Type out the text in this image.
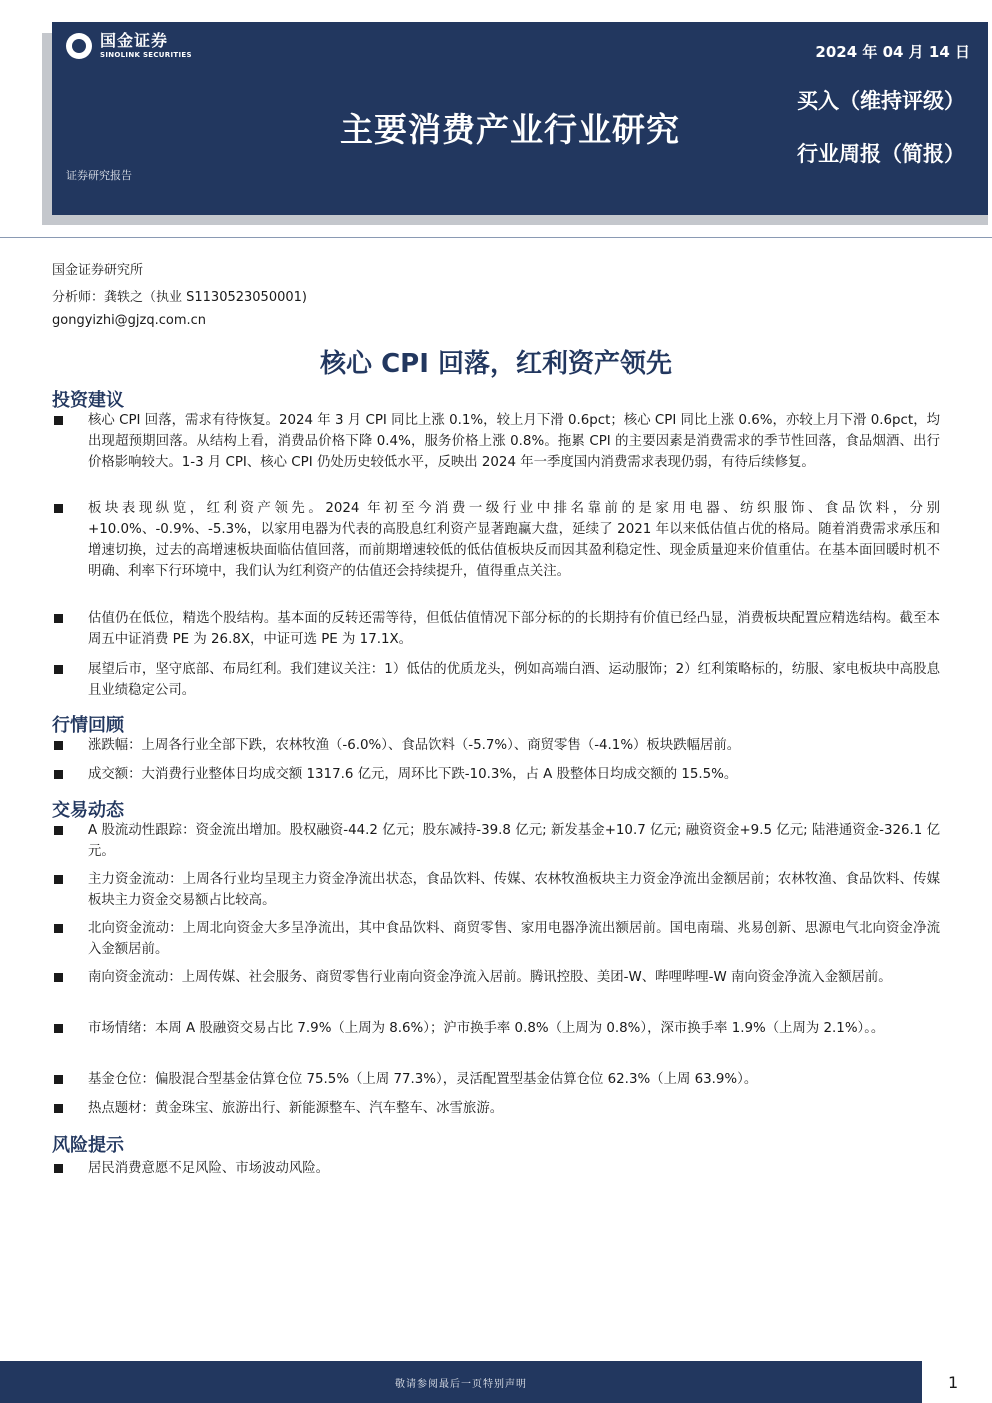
国金证券
SINOLINK SECURITIES	2024 年 04 月 14 日
主要消费产业行业研究
买入（维持评级）
行业周报（简报）
证券研究报告
国金证券研究所
分析师：龚轶之（执业 S1130523050001)
gongyizhi@gjzq.com.cn
核心 CPI 回落，红利资产领先
投资建议
核心 CPI 回落，需求有待恢复。2024 年 3 月 CPI 同比上涨 0.1%，较上月下滑 0.6pct；核心 CPI 同比上涨 0.6%，亦较上月下滑 0.6pct，均出现超预期回落。从结构上看，消费品价格下降 0.4%，服务价格上涨 0.8%。拖累 CPI 的主要因素是消费需求的季节性回落，食品烟酒、出行价格影响较大。1-3 月 CPI、核心 CPI 仍处历史较低水平，反映出 2024 年一季度国内消费需求表现仍弱，有待后续修复。
板块表现纵览，红利资产领先。2024 年初至今消费一级行业中排名靠前的是家用电器、纺织服饰、食品饮料，分别+10.0%、-0.9%、-5.3%，以家用电器为代表的高股息红利资产显著跑赢大盘，延续了 2021 年以来低估值占优的格局。随着消费需求承压和增速切换，过去的高增速板块面临估值回落，而前期增速较低的低估值板块反而因其盈利稳定性、现金质量迎来价值重估。在基本面回暖时机不明确、利率下行环境中，我们认为红利资产的估值还会持续提升，值得重点关注。
估值仍在低位，精选个股结构。基本面的反转还需等待，但低估值情况下部分标的的长期持有价值已经凸显，消费板块配置应精选结构。截至本周五中证消费 PE 为 26.8X，中证可选 PE 为 17.1X。
展望后市，坚守底部、布局红利。我们建议关注：1）低估的优质龙头，例如高端白酒、运动服饰；2）红利策略标的，纺服、家电板块中高股息且业绩稳定公司。
行情回顾
涨跌幅：上周各行业全部下跌，农林牧渔（-6.0%）、食品饮料（-5.7%）、商贸零售（-4.1%）板块跌幅居前。
成交额：大消费行业整体日均成交额 1317.6 亿元，周环比下跌-10.3%，占 A 股整体日均成交额的 15.5%。
交易动态
A 股流动性跟踪：资金流出增加。股权融资-44.2 亿元；股东减持-39.8 亿元; 新发基金+10.7 亿元; 融资资金+9.5 亿元; 陆港通资金-326.1 亿元。
主力资金流动：上周各行业均呈现主力资金净流出状态，食品饮料、传媒、农林牧渔板块主力资金净流出金额居前；农林牧渔、食品饮料、传媒板块主力资金交易额占比较高。
北向资金流动：上周北向资金大多呈净流出，其中食品饮料、商贸零售、家用电器净流出额居前。国电南瑞、兆易创新、思源电气北向资金净流入金额居前。
南向资金流动：上周传媒、社会服务、商贸零售行业南向资金净流入居前。腾讯控股、美团-W、哔哩哔哩-W 南向资金净流入金额居前。
市场情绪：本周 A 股融资交易占比 7.9%（上周为 8.6%）；沪市换手率 0.8%（上周为 0.8%），深市换手率 1.9%（上周为 2.1%）。。
基金仓位：偏股混合型基金估算仓位 75.5%（上周 77.3%），灵活配置型基金估算仓位 62.3%（上周 63.9%）。
热点题材：黄金珠宝、旅游出行、新能源整车、汽车整车、冰雪旅游。
风险提示
居民消费意愿不足风险、市场波动风险。
敬请参阅最后一页特别声明	1
